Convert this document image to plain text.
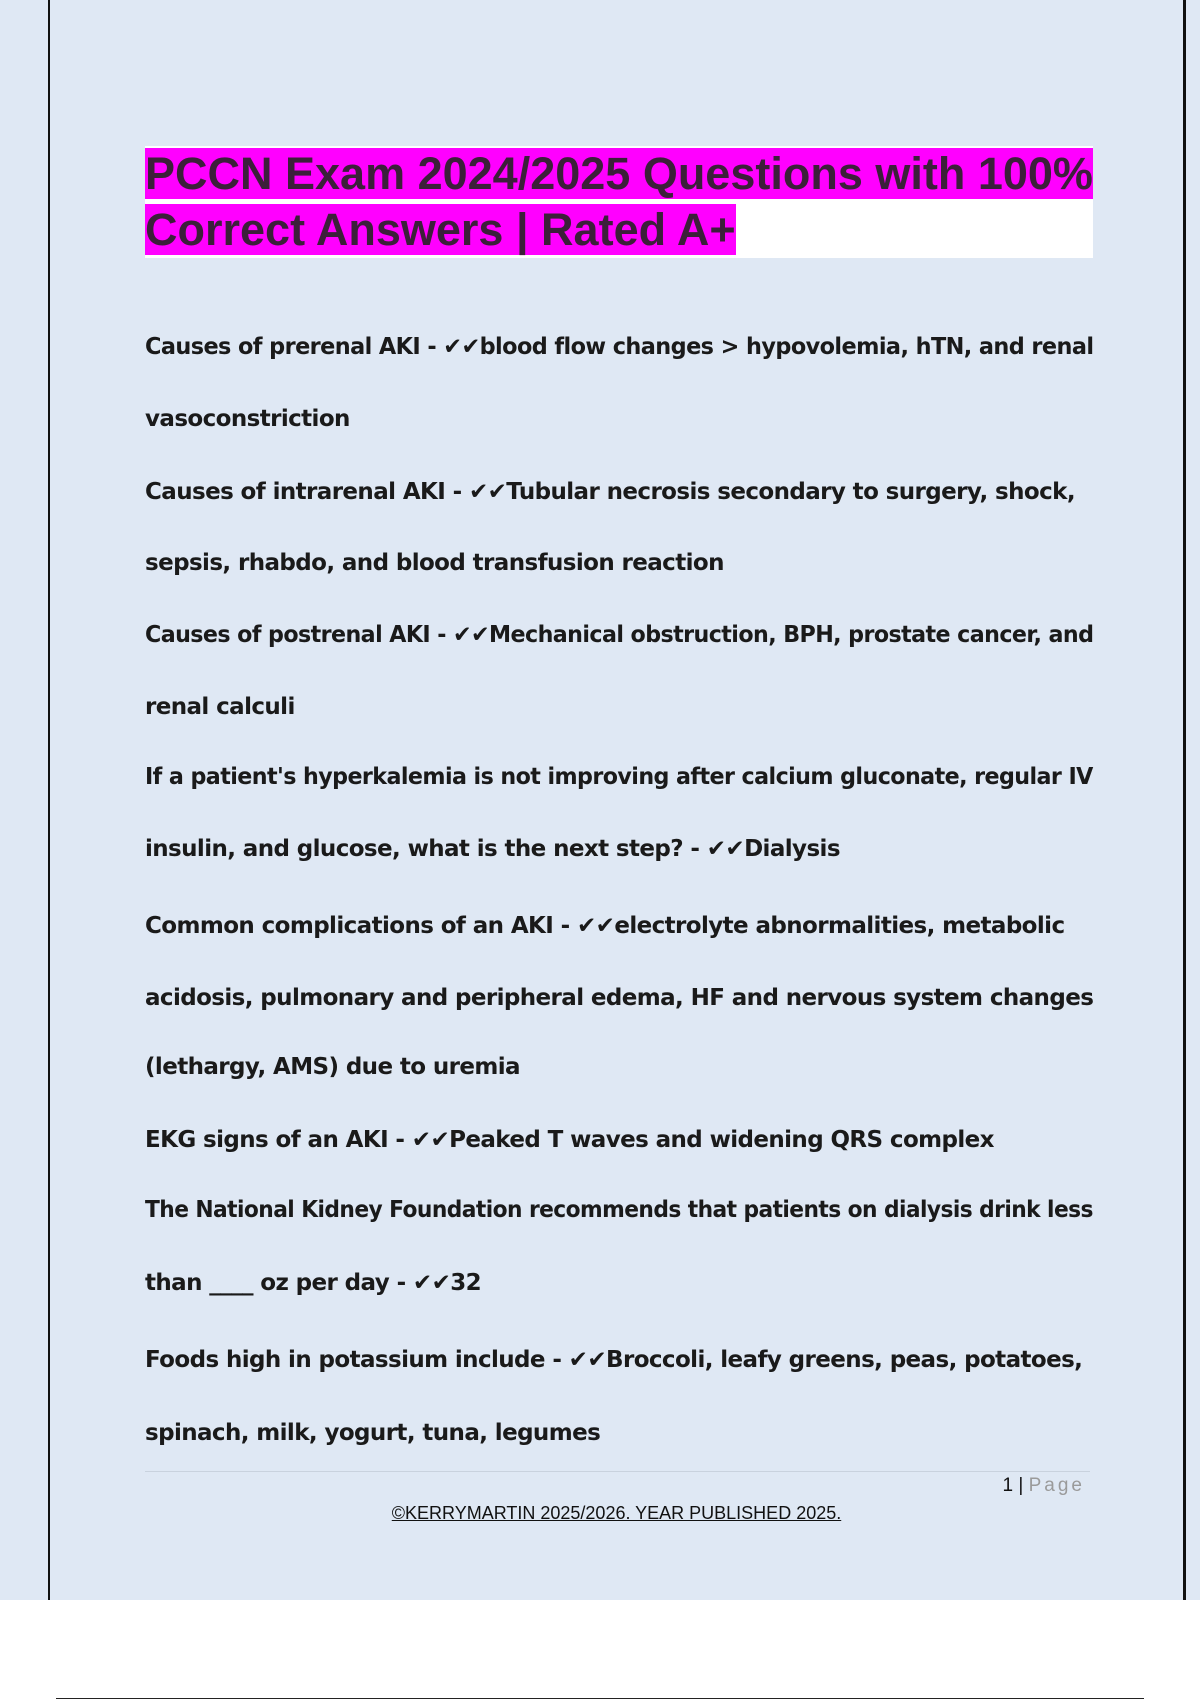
PCCN Exam 2024/2025 Questions with 100% Correct Answers | Rated A+
Causes of prerenal AKI - ✔✔blood flow changes > hypovolemia, hTN, and renal
vasoconstriction
Causes of intrarenal AKI - ✔✔Tubular necrosis secondary to surgery, shock,
sepsis, rhabdo, and blood transfusion reaction
Causes of postrenal AKI - ✔✔Mechanical obstruction, BPH, prostate cancer, and
renal calculi
If a patient's hyperkalemia is not improving after calcium gluconate, regular IV
insulin, and glucose, what is the next step? - ✔✔Dialysis
Common complications of an AKI - ✔✔electrolyte abnormalities, metabolic
acidosis, pulmonary and peripheral edema, HF and nervous system changes
(lethargy, AMS) due to uremia
EKG signs of an AKI - ✔✔Peaked T waves and widening QRS complex
The National Kidney Foundation recommends that patients on dialysis drink less
than ____ oz per day - ✔✔32
Foods high in potassium include - ✔✔Broccoli, leafy greens, peas, potatoes,
spinach, milk, yogurt, tuna, legumes
1 | Page
©KERRYMARTIN 2025/2026. YEAR PUBLISHED 2025.
